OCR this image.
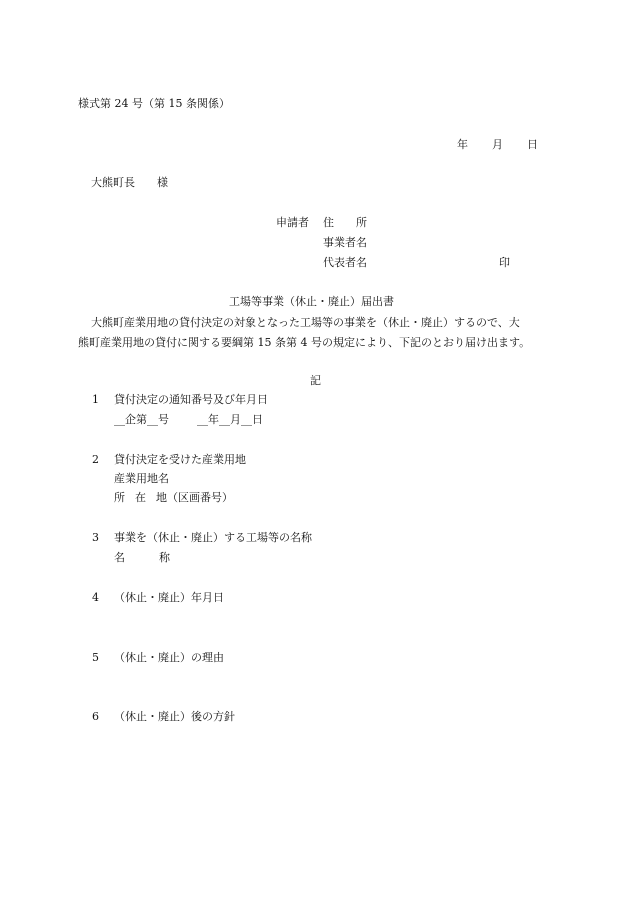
様式第 24 号（第 15 条関係）
年 月 日
大熊町長 様
申請者 住 所
事業者名
代表者名	印
工場等事業（休止・廃止）届出書
大熊町産業用地の貸付決定の対象となった工場等の事業を（休止・廃止）するので、大
熊町産業用地の貸付に関する要綱第 15 条第 4 号の規定により、下記のとおり届け出ます。
記
1 貸付決定の通知番号及び年月日
__企第__号	__年__月__日
2 貸付決定を受けた産業用地
産業用地名
所 在 地（区画番号）
3 事業を（休止・廃止）する工場等の名称
名	称
4 （休止・廃止）年月日
5 （休止・廃止）の理由
6 （休止・廃止）後の方針
